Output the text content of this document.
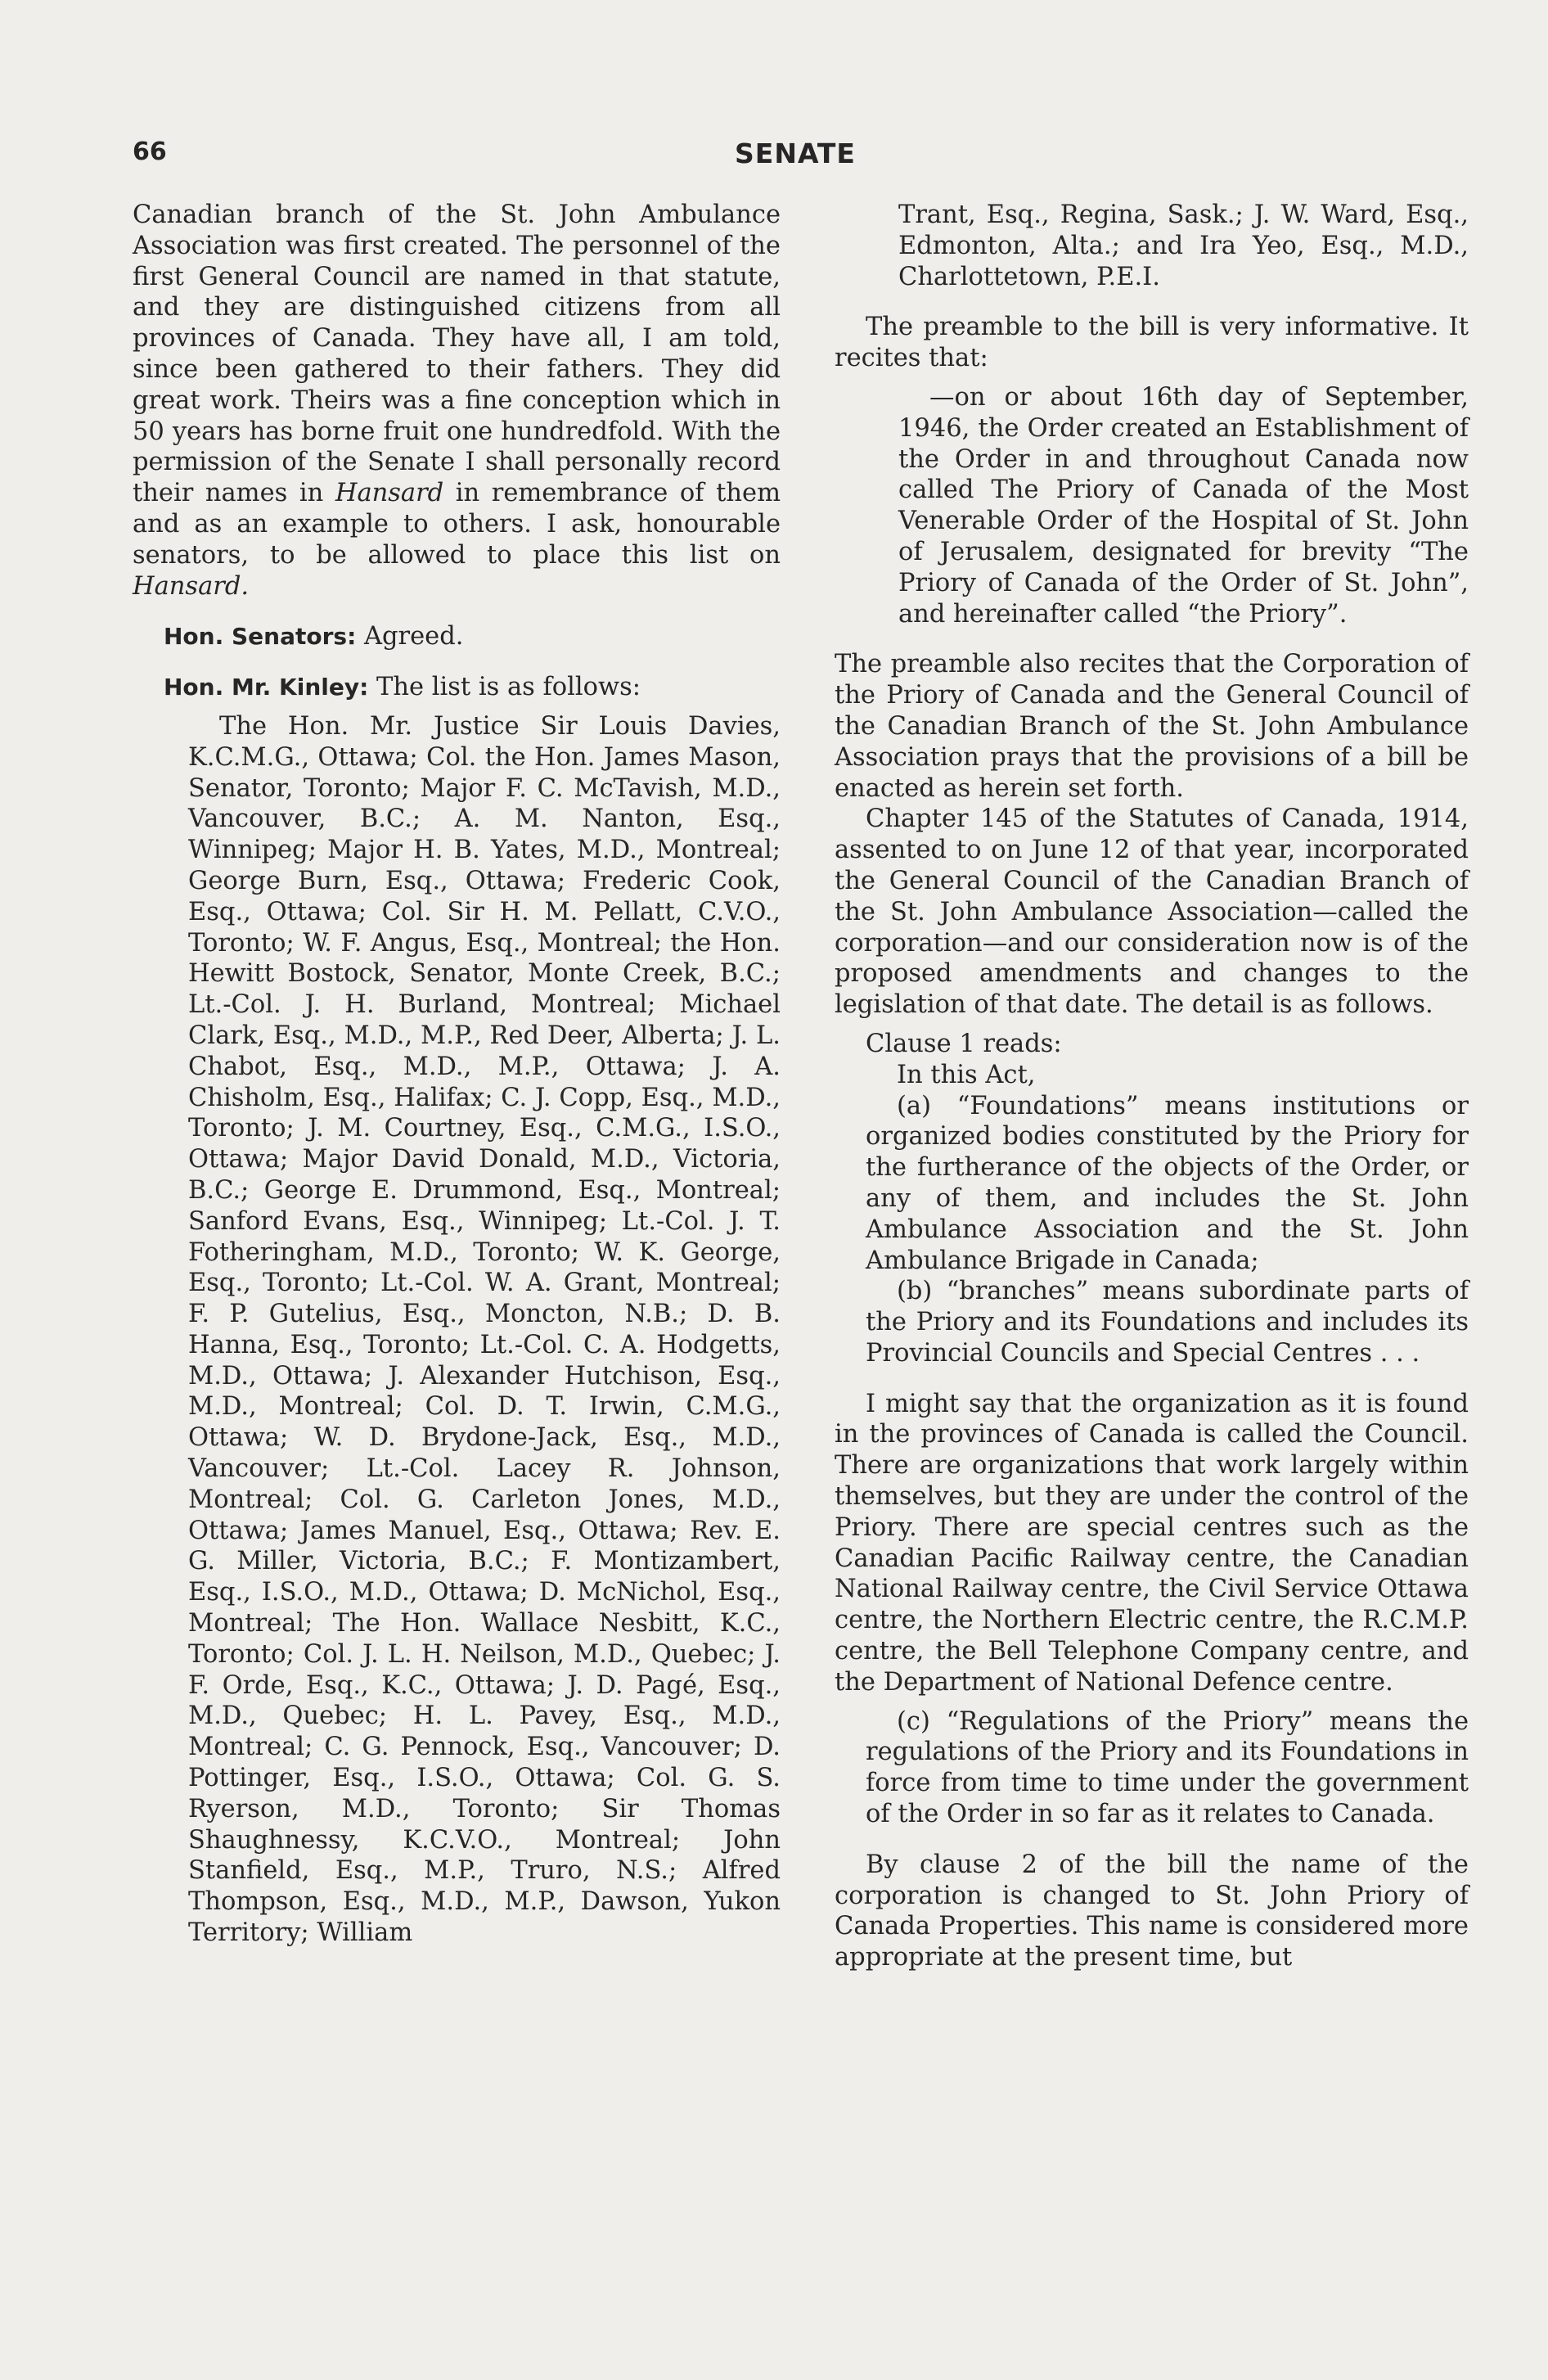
66	SENATE

Canadian branch of the St. John Ambulance Association was first created. The personnel of the first General Council are named in that statute, and they are distinguished citizens from all provinces of Canada. They have all, I am told, since been gathered to their fathers. They did great work. Theirs was a fine conception which in 50 years has borne fruit one hundredfold. With the permission of the Senate I shall personally record their names in Hansard in remembrance of them and as an example to others. I ask, honourable senators, to be allowed to place this list on Hansard.

Hon. Senators: Agreed.

Hon. Mr. Kinley: The list is as follows:

The Hon. Mr. Justice Sir Louis Davies, K.C.M.G., Ottawa; Col. the Hon. James Mason, Senator, Toronto; Major F. C. McTavish, M.D., Vancouver, B.C.; A. M. Nanton, Esq., Winnipeg; Major H. B. Yates, M.D., Montreal; George Burn, Esq., Ottawa; Frederic Cook, Esq., Ottawa; Col. Sir H. M. Pellatt, C.V.O., Toronto; W. F. Angus, Esq., Montreal; the Hon. Hewitt Bostock, Senator, Monte Creek, B.C.; Lt.-Col. J. H. Burland, Montreal; Michael Clark, Esq., M.D., M.P., Red Deer, Alberta; J. L. Chabot, Esq., M.D., M.P., Ottawa; J. A. Chisholm, Esq., Halifax; C. J. Copp, Esq., M.D., Toronto; J. M. Courtney, Esq., C.M.G., I.S.O., Ottawa; Major David Donald, M.D., Victoria, B.C.; George E. Drummond, Esq., Montreal; Sanford Evans, Esq., Winnipeg; Lt.-Col. J. T. Fotheringham, M.D., Toronto; W. K. George, Esq., Toronto; Lt.-Col. W. A. Grant, Montreal; F. P. Gutelius, Esq., Moncton, N.B.; D. B. Hanna, Esq., Toronto; Lt.-Col. C. A. Hodgetts, M.D., Ottawa; J. Alexander Hutchison, Esq., M.D., Montreal; Col. D. T. Irwin, C.M.G., Ottawa; W. D. Brydone-Jack, Esq., M.D., Vancouver; Lt.-Col. Lacey R. Johnson, Montreal; Col. G. Carleton Jones, M.D., Ottawa; James Manuel, Esq., Ottawa; Rev. E. G. Miller, Victoria, B.C.; F. Montizambert, Esq., I.S.O., M.D., Ottawa; D. McNichol, Esq., Montreal; The Hon. Wallace Nesbitt, K.C., Toronto; Col. J. L. H. Neilson, M.D., Quebec; J. F. Orde, Esq., K.C., Ottawa; J. D. Pagé, Esq., M.D., Quebec; H. L. Pavey, Esq., M.D., Montreal; C. G. Pennock, Esq., Vancouver; D. Pottinger, Esq., I.S.O., Ottawa; Col. G. S. Ryerson, M.D., Toronto; Sir Thomas Shaughnessy, K.C.V.O., Montreal; John Stanfield, Esq., M.P., Truro, N.S.; Alfred Thompson, Esq., M.D., M.P., Dawson, Yukon Territory; William

Trant, Esq., Regina, Sask.; J. W. Ward, Esq., Edmonton, Alta.; and Ira Yeo, Esq., M.D., Charlottetown, P.E.I.

The preamble to the bill is very informative. It recites that:

—on or about 16th day of September, 1946, the Order created an Establishment of the Order in and throughout Canada now called The Priory of Canada of the Most Venerable Order of the Hospital of St. John of Jerusalem, designated for brevity “The Priory of Canada of the Order of St. John”, and hereinafter called “the Priory”.

The preamble also recites that the Corporation of the Priory of Canada and the General Council of the Canadian Branch of the St. John Ambulance Association prays that the provisions of a bill be enacted as herein set forth.

Chapter 145 of the Statutes of Canada, 1914, assented to on June 12 of that year, incorporated the General Council of the Canadian Branch of the St. John Ambulance Association—called the corporation—and our consideration now is of the proposed amendments and changes to the legislation of that date. The detail is as follows.

Clause 1 reads:

In this Act,

(a) “Foundations” means institutions or organized bodies constituted by the Priory for the furtherance of the objects of the Order, or any of them, and includes the St. John Ambulance Association and the St. John Ambulance Brigade in Canada;

(b) “branches” means subordinate parts of the Priory and its Foundations and includes its Provincial Councils and Special Centres . . .

I might say that the organization as it is found in the provinces of Canada is called the Council. There are organizations that work largely within themselves, but they are under the control of the Priory. There are special centres such as the Canadian Pacific Railway centre, the Canadian National Railway centre, the Civil Service Ottawa centre, the Northern Electric centre, the R.C.M.P. centre, the Bell Telephone Company centre, and the Department of National Defence centre.

(c) “Regulations of the Priory” means the regulations of the Priory and its Foundations in force from time to time under the government of the Order in so far as it relates to Canada.

By clause 2 of the bill the name of the corporation is changed to St. John Priory of Canada Properties. This name is considered more appropriate at the present time, but
